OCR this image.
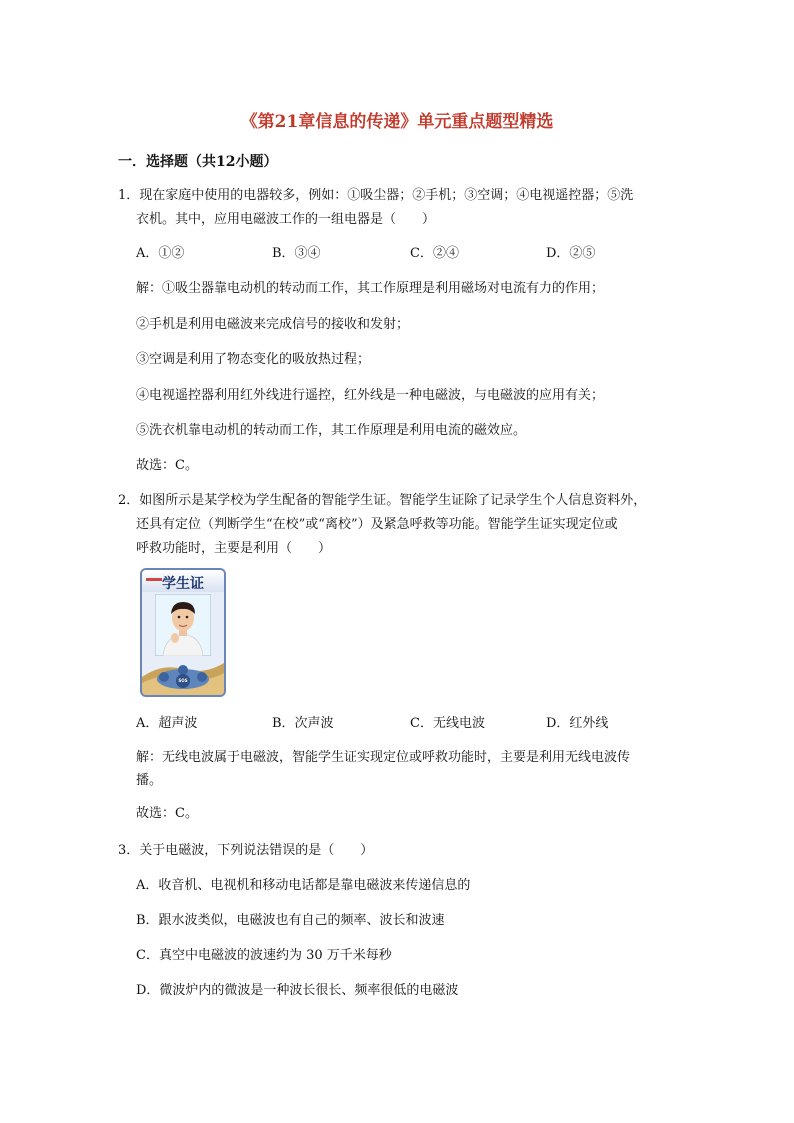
《第21章信息的传递》单元重点题型精选
一．选择题（共12小题）
1．现在家庭中使用的电器较多，例如：①吸尘器；②手机；③空调；④电视遥控器；⑤洗
衣机。其中，应用电磁波工作的一组电器是（　　）
A．①②	B．③④	C．②④	D．②⑤
解：①吸尘器靠电动机的转动而工作，其工作原理是利用磁场对电流有力的作用；
②手机是利用电磁波来完成信号的接收和发射；
③空调是利用了物态变化的吸放热过程；
④电视遥控器利用红外线进行遥控，红外线是一种电磁波，与电磁波的应用有关；
⑤洗衣机靠电动机的转动而工作，其工作原理是利用电流的磁效应。
故选：C。
2．如图所示是某学校为学生配备的智能学生证。智能学生证除了记录学生个人信息资料外，
还具有定位（判断学生“在校”或“离校”）及紧急呼救等功能。智能学生证实现定位或
呼救功能时，主要是利用（　　）
学生证
SOS
A．超声波	B．次声波	C．无线电波	D．红外线
解：无线电波属于电磁波，智能学生证实现定位或呼救功能时，主要是利用无线电波传
播。
故选：C。
3．关于电磁波，下列说法错误的是（　　）
A．收音机、电视机和移动电话都是靠电磁波来传递信息的
B．跟水波类似，电磁波也有自己的频率、波长和波速
C．真空中电磁波的波速约为 30 万千米每秒
D．微波炉内的微波是一种波长很长、频率很低的电磁波
